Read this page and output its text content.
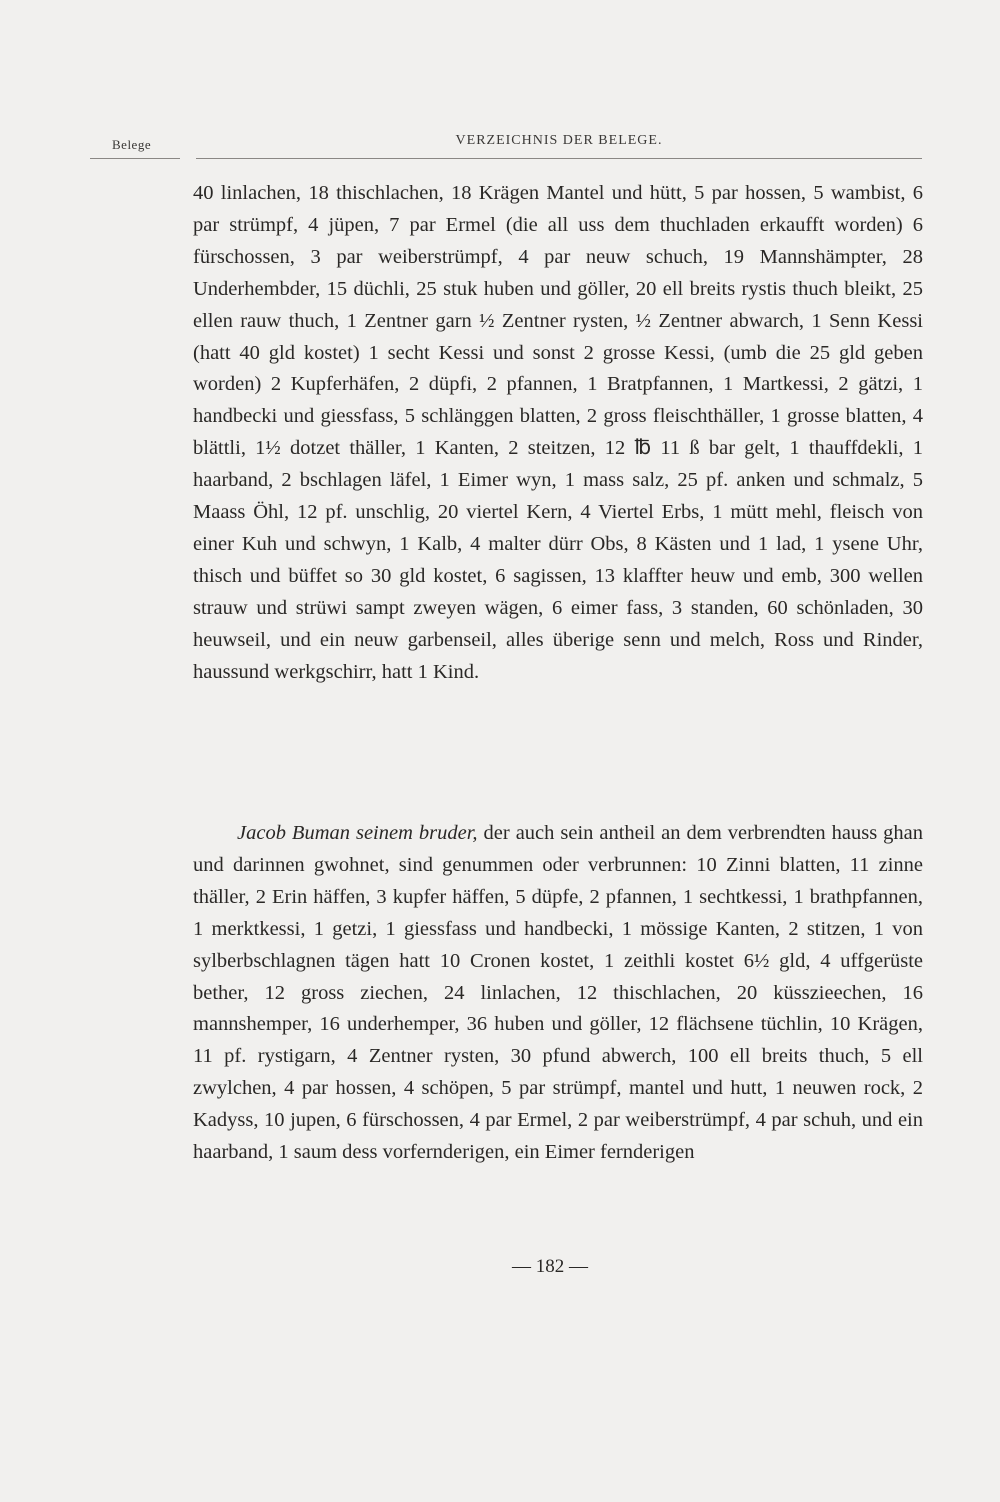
Belege	VERZEICHNIS DER BELEGE.

40 linlachen, 18 thischlachen, 18 Krägen Mantel und hütt, 5 par hossen, 5 wambist, 6 par strümpf, 4 jüpen, 7 par Ermel (die all uss dem thuchladen erkaufft worden) 6 fürschossen, 3 par weiberstrümpf, 4 par neuw schuch, 19 Mannshämpter, 28 Underhembder, 15 düchli, 25 stuk huben und göller, 20 ell breits rystis thuch bleikt, 25 ellen rauw thuch, 1 Zentner garn ½ Zentner rysten, ½ Zentner abwarch, 1 Senn Kessi (hatt 40 gld kostet) 1 secht Kessi und sonst 2 grosse Kessi, (umb die 25 gld geben worden) 2 Kupferhäfen, 2 düpfi, 2 pfannen, 1 Bratpfannen, 1 Martkessi, 2 gätzi, 1 handbecki und giessfass, 5 schlänggen blatten, 2 gross fleischthäller, 1 grosse blatten, 4 blättli, 1½ dotzet thäller, 1 Kanten, 2 steitzen, 12 ℔ 11 ß bar gelt, 1 thauffdekli, 1 haarband, 2 bschlagen läfel, 1 Eimer wyn, 1 mass salz, 25 pf. anken und schmalz, 5 Maass Öhl, 12 pf. unschlig, 20 viertel Kern, 4 Viertel Erbs, 1 mütt mehl, fleisch von einer Kuh und schwyn, 1 Kalb, 4 malter dürr Obs, 8 Kästen und 1 lad, 1 ysene Uhr, thisch und büffet so 30 gld kostet, 6 sagissen, 13 klaffter heuw und emb, 300 wellen strauw und strüwi sampt zweyen wägen, 6 eimer fass, 3 standen, 60 schönladen, 30 heuwseil, und ein neuw garbenseil, alles überige senn und melch, Ross und Rinder, haussund werkgschirr, hatt 1 Kind.

Jacob Buman seinem bruder, der auch sein antheil an dem verbrendten hauss ghan und darinnen gwohnet, sind genummen oder verbrunnen: 10 Zinni blatten, 11 zinne thäller, 2 Erin häffen, 3 kupfer häffen, 5 düpfe, 2 pfannen, 1 sechtkessi, 1 brathpfannen, 1 merktkessi, 1 getzi, 1 giessfass und handbecki, 1 mössige Kanten, 2 stitzen, 1 von sylberbschlagnen tägen hatt 10 Cronen kostet, 1 zeithli kostet 6½ gld, 4 uffgerüste bether, 12 gross ziechen, 24 linlachen, 12 thischlachen, 20 küsszieechen, 16 mannshemper, 16 underhemper, 36 huben und göller, 12 flächsene tüchlin, 10 Krägen, 11 pf. rystigarn, 4 Zentner rysten, 30 pfund abwerch, 100 ell breits thuch, 5 ell zwylchen, 4 par hossen, 4 schöpen, 5 par strümpf, mantel und hutt, 1 neuwen rock, 2 Kadyss, 10 jupen, 6 fürschossen, 4 par Ermel, 2 par weiberstrümpf, 4 par schuh, und ein haarband, 1 saum dess vorfernderigen, ein Eimer fernderigen

— 182 —
